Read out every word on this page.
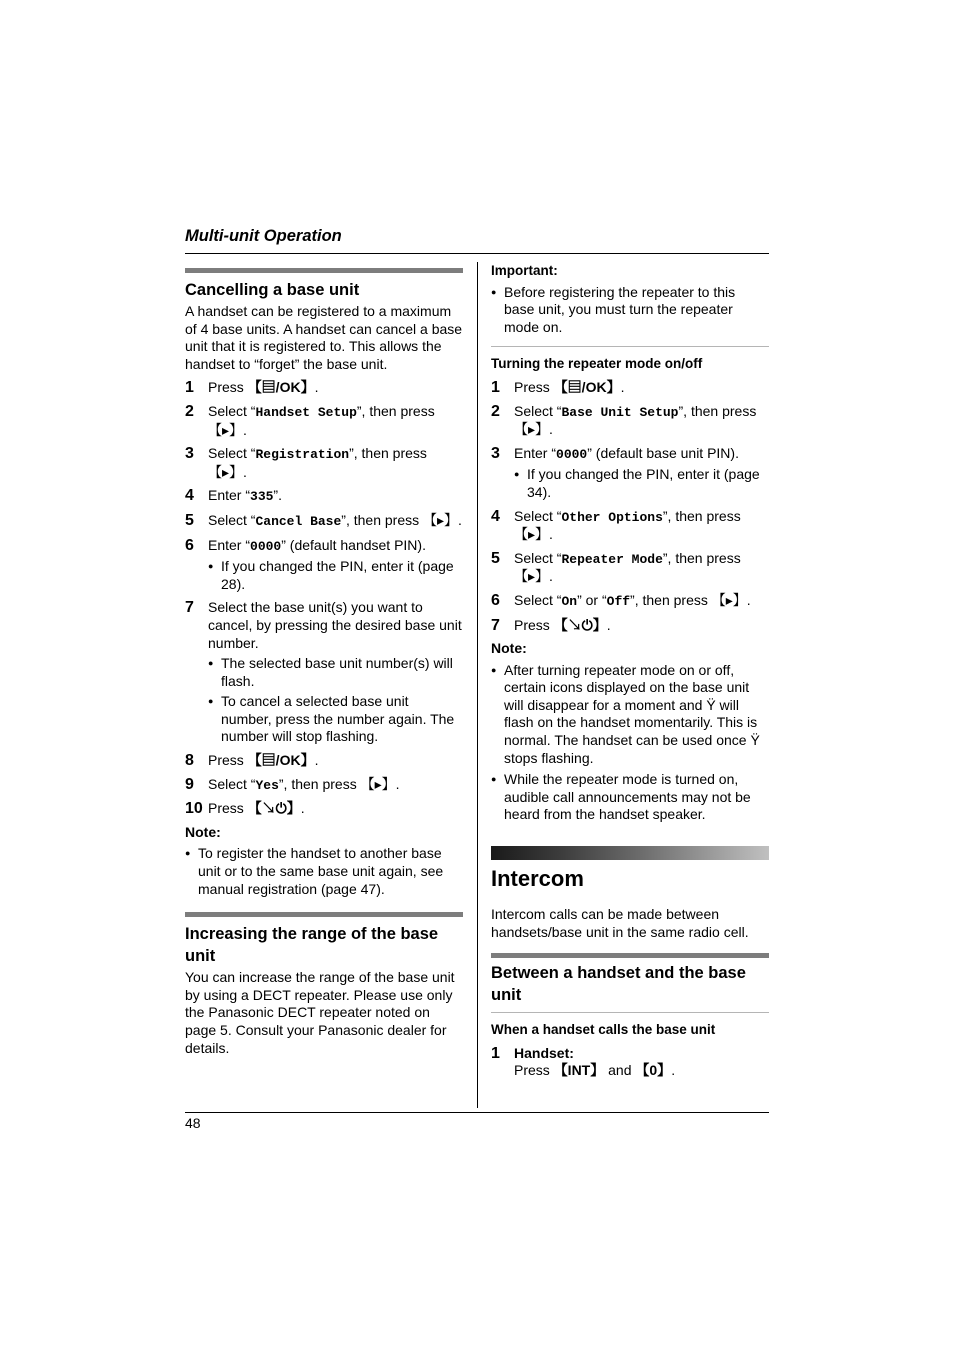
Multi-unit Operation
Cancelling a base unit
A handset can be registered to a maximum of 4 base units. A handset can cancel a base unit that it is registered to. This allows the handset to “forget” the base unit.
1	Press 【▤/OK】.
2	Select “Handset Setup”, then press 【▸】.
3	Select “Registration”, then press 【▸】.
4	Enter “335”.
5	Select “Cancel Base”, then press 【▸】.
6	Enter “0000” (default handset PIN).
● If you changed the PIN, enter it (page 28).
7	Select the base unit(s) you want to cancel, by pressing the desired base unit number.
● The selected base unit number(s) will flash.
● To cancel a selected base unit number, press the number again. The number will stop flashing.
8	Press 【▤/OK】.
9	Select “Yes”, then press 【▸】.
10 Press 【↘⏻】.
Note:
● To register the handset to another base unit or to the same base unit again, see manual registration (page 47).
Increasing the range of the base unit
You can increase the range of the base unit by using a DECT repeater. Please use only the Panasonic DECT repeater noted on page 5. Consult your Panasonic dealer for details.
Important:
● Before registering the repeater to this base unit, you must turn the repeater mode on.
Turning the repeater mode on/off
1	Press 【▤/OK】.
2	Select “Base Unit Setup”, then press 【▸】.
3	Enter “0000” (default base unit PIN).
● If you changed the PIN, enter it (page 34).
4	Select “Other Options”, then press 【▸】.
5	Select “Repeater Mode”, then press 【▸】.
6	Select “On” or “Off”, then press 【▸】.
7	Press 【↘⏻】.
Note:
● After turning repeater mode on or off, certain icons displayed on the base unit will disappear for a moment and Ÿ will flash on the handset momentarily. This is normal. The handset can be used once Ÿ stops flashing.
● While the repeater mode is turned on, audible call announcements may not be heard from the handset speaker.
Intercom
Intercom calls can be made between handsets/base unit in the same radio cell.
Between a handset and the base unit
When a handset calls the base unit
1	Handset:
Press 【INT】 and 【0】.
48
